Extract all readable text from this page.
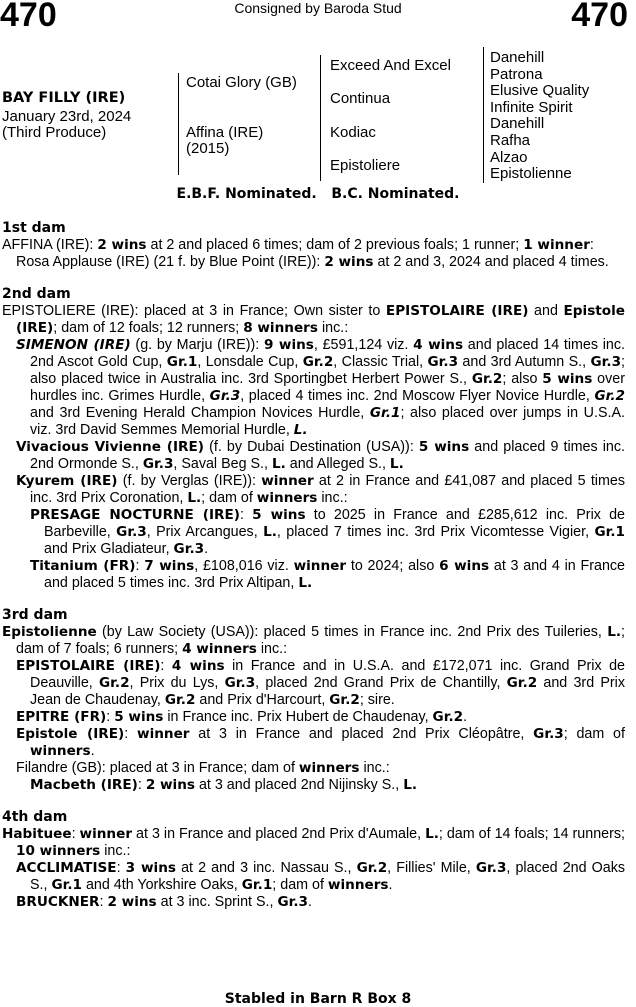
470	Consigned by Baroda Stud	470
BAY FILLY (IRE)
January 23rd, 2024
(Third Produce)
Cotai Glory (GB)
Affina (IRE)
(2015)
Exceed And Excel
Continua
Kodiac
Epistoliere
Danehill
Patrona
Elusive Quality
Infinite Spirit
Danehill
Rafha
Alzao
Epistolienne
E.B.F. Nominated.   B.C. Nominated.
1st dam
AFFINA (IRE): 2 wins at 2 and placed 6 times; dam of 2 previous foals; 1 runner; 1 winner:
Rosa Applause (IRE) (21 f. by Blue Point (IRE)): 2 wins at 2 and 3, 2024 and placed 4 times.
2nd dam
EPISTOLIERE (IRE): placed at 3 in France; Own sister to EPISTOLAIRE (IRE) and Epistole (IRE); dam of 12 foals; 12 runners; 8 winners inc.:
SIMENON (IRE) (g. by Marju (IRE)): 9 wins, £591,124 viz. 4 wins and placed 14 times inc. 2nd Ascot Gold Cup, Gr.1, Lonsdale Cup, Gr.2, Classic Trial, Gr.3 and 3rd Autumn S., Gr.3; also placed twice in Australia inc. 3rd Sportingbet Herbert Power S., Gr.2; also 5 wins over hurdles inc. Grimes Hurdle, Gr.3, placed 4 times inc. 2nd Moscow Flyer Novice Hurdle, Gr.2 and 3rd Evening Herald Champion Novices Hurdle, Gr.1; also placed over jumps in U.S.A. viz. 3rd David Semmes Memorial Hurdle, L.
Vivacious Vivienne (IRE) (f. by Dubai Destination (USA)): 5 wins and placed 9 times inc. 2nd Ormonde S., Gr.3, Saval Beg S., L. and Alleged S., L.
Kyurem (IRE) (f. by Verglas (IRE)): winner at 2 in France and £41,087 and placed 5 times inc. 3rd Prix Coronation, L.; dam of winners inc.:
PRESAGE NOCTURNE (IRE): 5 wins to 2025 in France and £285,612 inc. Prix de Barbeville, Gr.3, Prix Arcangues, L., placed 7 times inc. 3rd Prix Vicomtesse Vigier, Gr.1 and Prix Gladiateur, Gr.3.
Titanium (FR): 7 wins, £108,016 viz. winner to 2024; also 6 wins at 3 and 4 in France and placed 5 times inc. 3rd Prix Altipan, L.
3rd dam
Epistolienne (by Law Society (USA)): placed 5 times in France inc. 2nd Prix des Tuileries, L.; dam of 7 foals; 6 runners; 4 winners inc.:
EPISTOLAIRE (IRE): 4 wins in France and in U.S.A. and £172,071 inc. Grand Prix de Deauville, Gr.2, Prix du Lys, Gr.3, placed 2nd Grand Prix de Chantilly, Gr.2 and 3rd Prix Jean de Chaudenay, Gr.2 and Prix d'Harcourt, Gr.2; sire.
EPITRE (FR): 5 wins in France inc. Prix Hubert de Chaudenay, Gr.2.
Epistole (IRE): winner at 3 in France and placed 2nd Prix Cléopâtre, Gr.3; dam of winners.
Filandre (GB): placed at 3 in France; dam of winners inc.:
Macbeth (IRE): 2 wins at 3 and placed 2nd Nijinsky S., L.
4th dam
Habituee: winner at 3 in France and placed 2nd Prix d'Aumale, L.; dam of 14 foals; 14 runners; 10 winners inc.:
ACCLIMATISE: 3 wins at 2 and 3 inc. Nassau S., Gr.2, Fillies' Mile, Gr.3, placed 2nd Oaks S., Gr.1 and 4th Yorkshire Oaks, Gr.1; dam of winners.
BRUCKNER: 2 wins at 3 inc. Sprint S., Gr.3.
Stabled in Barn R Box 8
